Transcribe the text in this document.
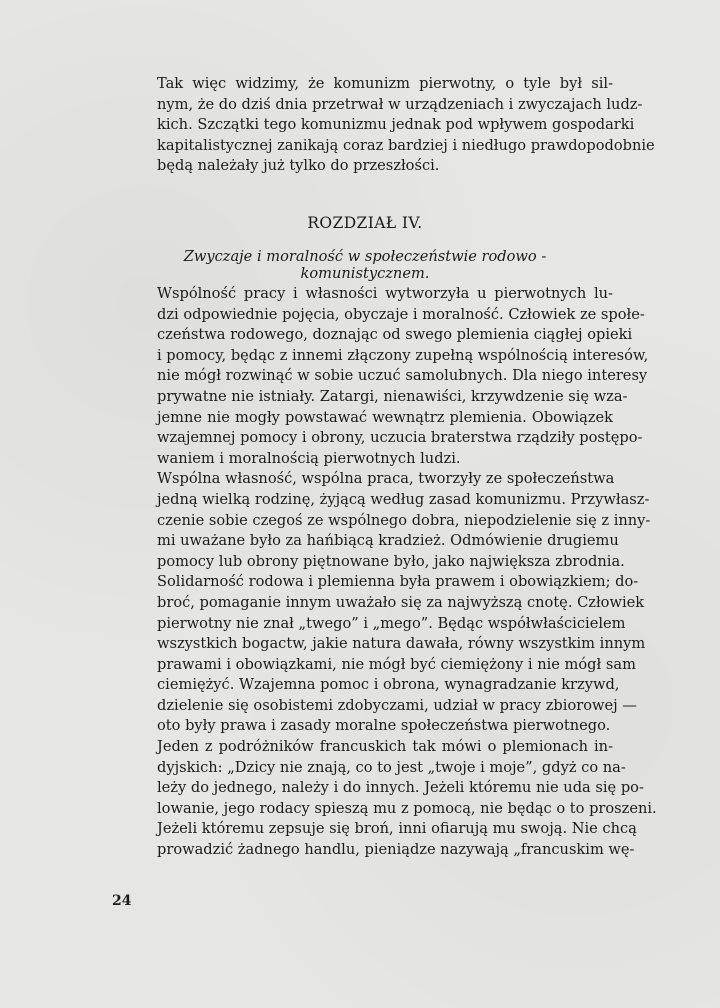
Tak więc widzimy, że komunizm pierwotny, o tyle był sil-
nym, że do dziś dnia przetrwał w urządzeniach i zwyczajach ludz-
kich. Szczątki tego komunizmu jednak pod wpływem gospodarki
kapitalistycznej zanikają coraz bardziej i niedługo prawdopodobnie
będą należały już tylko do przeszłości.

ROZDZIAŁ IV.
Zwyczaje i moralność w społeczeństwie rodowo - komunistycznem.

Wspólność pracy i własności wytworzyła u pierwotnych lu-
dzi odpowiednie pojęcia, obyczaje i moralność. Człowiek ze społe-
czeństwa rodowego, doznając od swego plemienia ciągłej opieki
i pomocy, będąc z innemi złączony zupełną wspólnością interesów,
nie mógł rozwinąć w sobie uczuć samolubnych. Dla niego interesy
prywatne nie istniały. Zatargi, nienawiści, krzywdzenie się wza-
jemne nie mogły powstawać wewnątrz plemienia. Obowiązek
wzajemnej pomocy i obrony, uczucia braterstwa rządziły postępo-
waniem i moralnością pierwotnych ludzi.

Wspólna własność, wspólna praca, tworzyły ze społeczeństwa
jedną wielką rodzinę, żyjącą według zasad komunizmu. Przywłasz-
czenie sobie czegoś ze wspólnego dobra, niepodzielenie się z inny-
mi uważane było za hańbiącą kradzież. Odmówienie drugiemu
pomocy lub obrony piętnowane było, jako największa zbrodnia.
Solidarność rodowa i plemienna była prawem i obowiązkiem; do-
broć, pomaganie innym uważało się za najwyższą cnotę. Człowiek
pierwotny nie znał „twego” i „mego”. Będąc współwłaścicielem
wszystkich bogactw, jakie natura dawała, równy wszystkim innym
prawami i obowiązkami, nie mógł być ciemiężony i nie mógł sam
ciemiężyć. Wzajemna pomoc i obrona, wynagradzanie krzywd,
dzielenie się osobistemi zdobyczami, udział w pracy zbiorowej —
oto były prawa i zasady moralne społeczeństwa pierwotnego.

Jeden z podróżników francuskich tak mówi o plemionach in-
dyjskich: „Dzicy nie znają, co to jest „twoje i moje”, gdyż co na-
leży do jednego, należy i do innych. Jeżeli któremu nie uda się po-
lowanie, jego rodacy spieszą mu z pomocą, nie będąc o to proszeni.
Jeżeli któremu zepsuje się broń, inni ofiarują mu swoją. Nie chcą
prowadzić żadnego handlu, pieniądze nazywają „francuskim wę-

24
